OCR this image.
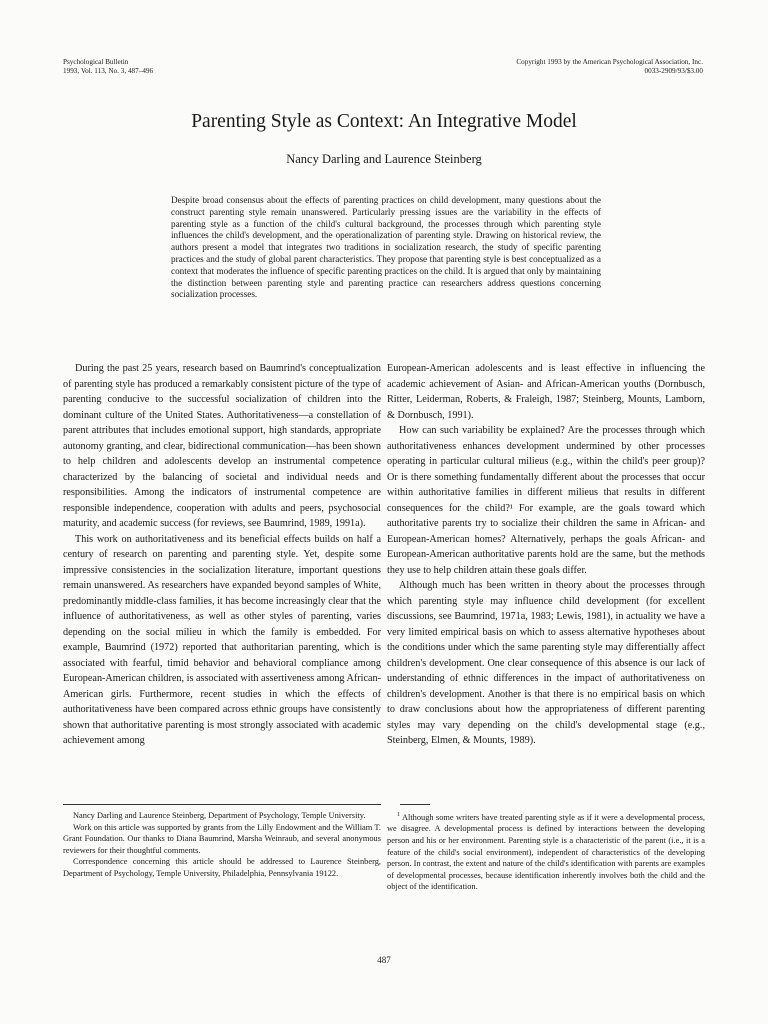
Psychological Bulletin
1993, Vol. 113, No. 3, 487–496
Copyright 1993 by the American Psychological Association, Inc.
0033-2909/93/$3.00
Parenting Style as Context: An Integrative Model
Nancy Darling and Laurence Steinberg

Despite broad consensus about the effects of parenting practices on child development, many questions about the construct parenting style remain unanswered. Particularly pressing issues are the variability in the effects of parenting style as a function of the child's cultural background, the processes through which parenting style influences the child's development, and the operationalization of parenting style. Drawing on historical review, the authors present a model that integrates two traditions in socialization research, the study of specific parenting practices and the study of global parent characteristics. They propose that parenting style is best conceptualized as a context that moderates the influence of specific parenting practices on the child. It is argued that only by maintaining the distinction between parenting style and parenting practice can researchers address questions concerning socialization processes.

During the past 25 years, research based on Baumrind's conceptualization of parenting style has produced a remarkably consistent picture of the type of parenting conducive to the successful socialization of children into the dominant culture of the United States. Authoritativeness—a constellation of parent attributes that includes emotional support, high standards, appropriate autonomy granting, and clear, bidirectional communication—has been shown to help children and adolescents develop an instrumental competence characterized by the balancing of societal and individual needs and responsibilities. Among the indicators of instrumental competence are responsible independence, cooperation with adults and peers, psychosocial maturity, and academic success (for reviews, see Baumrind, 1989, 1991a).

This work on authoritativeness and its beneficial effects builds on half a century of research on parenting and parenting style. Yet, despite some impressive consistencies in the socialization literature, important questions remain unanswered. As researchers have expanded beyond samples of White, predominantly middle-class families, it has become increasingly clear that the influence of authoritativeness, as well as other styles of parenting, varies depending on the social milieu in which the family is embedded. For example, Baumrind (1972) reported that authoritarian parenting, which is associated with fearful, timid behavior and behavioral compliance among European-American children, is associated with assertiveness among African-American girls. Furthermore, recent studies in which the effects of authoritativeness have been compared across ethnic groups have consistently shown that authoritative parenting is most strongly associated with academic achievement among

European-American adolescents and is least effective in influencing the academic achievement of Asian- and African-American youths (Dornbusch, Ritter, Leiderman, Roberts, & Fraleigh, 1987; Steinberg, Mounts, Lamborn, & Dornbusch, 1991).

How can such variability be explained? Are the processes through which authoritativeness enhances development undermined by other processes operating in particular cultural milieus (e.g., within the child's peer group)? Or is there something fundamentally different about the processes that occur within authoritative families in different milieus that results in different consequences for the child?¹ For example, are the goals toward which authoritative parents try to socialize their children the same in African- and European-American homes? Alternatively, perhaps the goals African- and European-American authoritative parents hold are the same, but the methods they use to help children attain these goals differ.

Although much has been written in theory about the processes through which parenting style may influence child development (for excellent discussions, see Baumrind, 1971a, 1983; Lewis, 1981), in actuality we have a very limited empirical basis on which to assess alternative hypotheses about the conditions under which the same parenting style may differentially affect children's development. One clear consequence of this absence is our lack of understanding of ethnic differences in the impact of authoritativeness on children's development. Another is that there is no empirical basis on which to draw conclusions about how the appropriateness of different parenting styles may vary depending on the child's developmental stage (e.g., Steinberg, Elmen, & Mounts, 1989).

Nancy Darling and Laurence Steinberg, Department of Psychology, Temple University.

Work on this article was supported by grants from the Lilly Endowment and the William T. Grant Foundation. Our thanks to Diana Baumrind, Marsha Weinraub, and several anonymous reviewers for their thoughtful comments.

Correspondence concerning this article should be addressed to Laurence Steinberg, Department of Psychology, Temple University, Philadelphia, Pennsylvania 19122.

$^1$ Although some writers have treated parenting style as if it were a developmental process, we disagree. A developmental process is defined by interactions between the developing person and his or her environment. Parenting style is a characteristic of the parent (i.e., it is a feature of the child's social environment), independent of characteristics of the developing person. In contrast, the extent and nature of the child's identification with parents are examples of developmental processes, because identification inherently involves both the child and the object of the identification.

487
